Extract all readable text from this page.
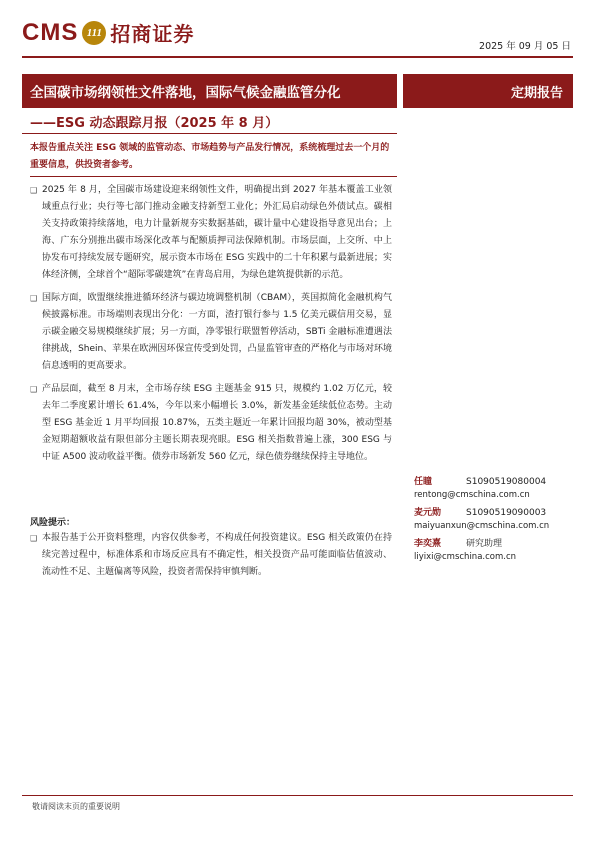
CMS 111 招商证券
2025 年 09 月 05 日
全国碳市场纲领性文件落地，国际气候金融监管分化	定期报告
——ESG 动态跟踪月报（2025 年 8 月）
本报告重点关注 ESG 领域的监管动态、市场趋势与产品发行情况，系统梳理过去一个月的重要信息，供投资者参考。
❑ 2025 年 8 月，全国碳市场建设迎来纲领性文件，明确提出到 2027 年基本覆盖工业领域重点行业；央行等七部门推动金融支持新型工业化；外汇局启动绿色外债试点。碳相关支持政策持续落地，电力计量新规夯实数据基础，碳计量中心建设指导意见出台；上海、广东分别推出碳市场深化改革与配额质押司法保障机制。市场层面，上交所、中上协发布可持续发展专题研究，展示资本市场在 ESG 实践中的二十年积累与最新进展；实体经济侧，全球首个“超际零碳建筑”在青岛启用，为绿色建筑提供新的示范。
❑ 国际方面，欧盟继续推进循环经济与碳边境调整机制（CBAM），英国拟简化金融机构气候披露标准。市场端则表现出分化：一方面，渣打银行参与 1.5 亿美元碳信用交易，显示碳金融交易规模继续扩展；另一方面，净零银行联盟暂停活动，SBTi 金融标准遭遇法律挑战，Shein、苹果在欧洲因环保宣传受到处罚，凸显监管审查的严格化与市场对环境信息透明的更高要求。
❑ 产品层面，截至 8 月末，全市场存续 ESG 主题基金 915 只，规模约 1.02 万亿元，较去年二季度累计增长 61.4%，今年以来小幅增长 3.0%，新发基金延续低位态势。主动型 ESG 基金近 1 月平均回报 10.87%，五类主题近一年累计回报均超 30%，被动型基金短期超额收益有限但部分主题长期表现亮眼。ESG 相关指数普遍上涨，300 ESG 与中证 A500 波动收益平衡。债券市场新发 560 亿元，绿色债券继续保持主导地位。
任瞳	S1090519080004
rentong@cmschina.com.cn
麦元勋	S1090519090003
maiyuanxun@cmschina.com.cn
李奕熹	研究助理
liyixi@cmschina.com.cn
风险提示：
❑ 本报告基于公开资料整理，内容仅供参考，不构成任何投资建议。ESG 相关政策仍在持续完善过程中，标准体系和市场反应具有不确定性，相关投资产品可能面临估值波动、流动性不足、主题偏离等风险，投资者需保持审慎判断。
敬请阅读末页的重要说明
